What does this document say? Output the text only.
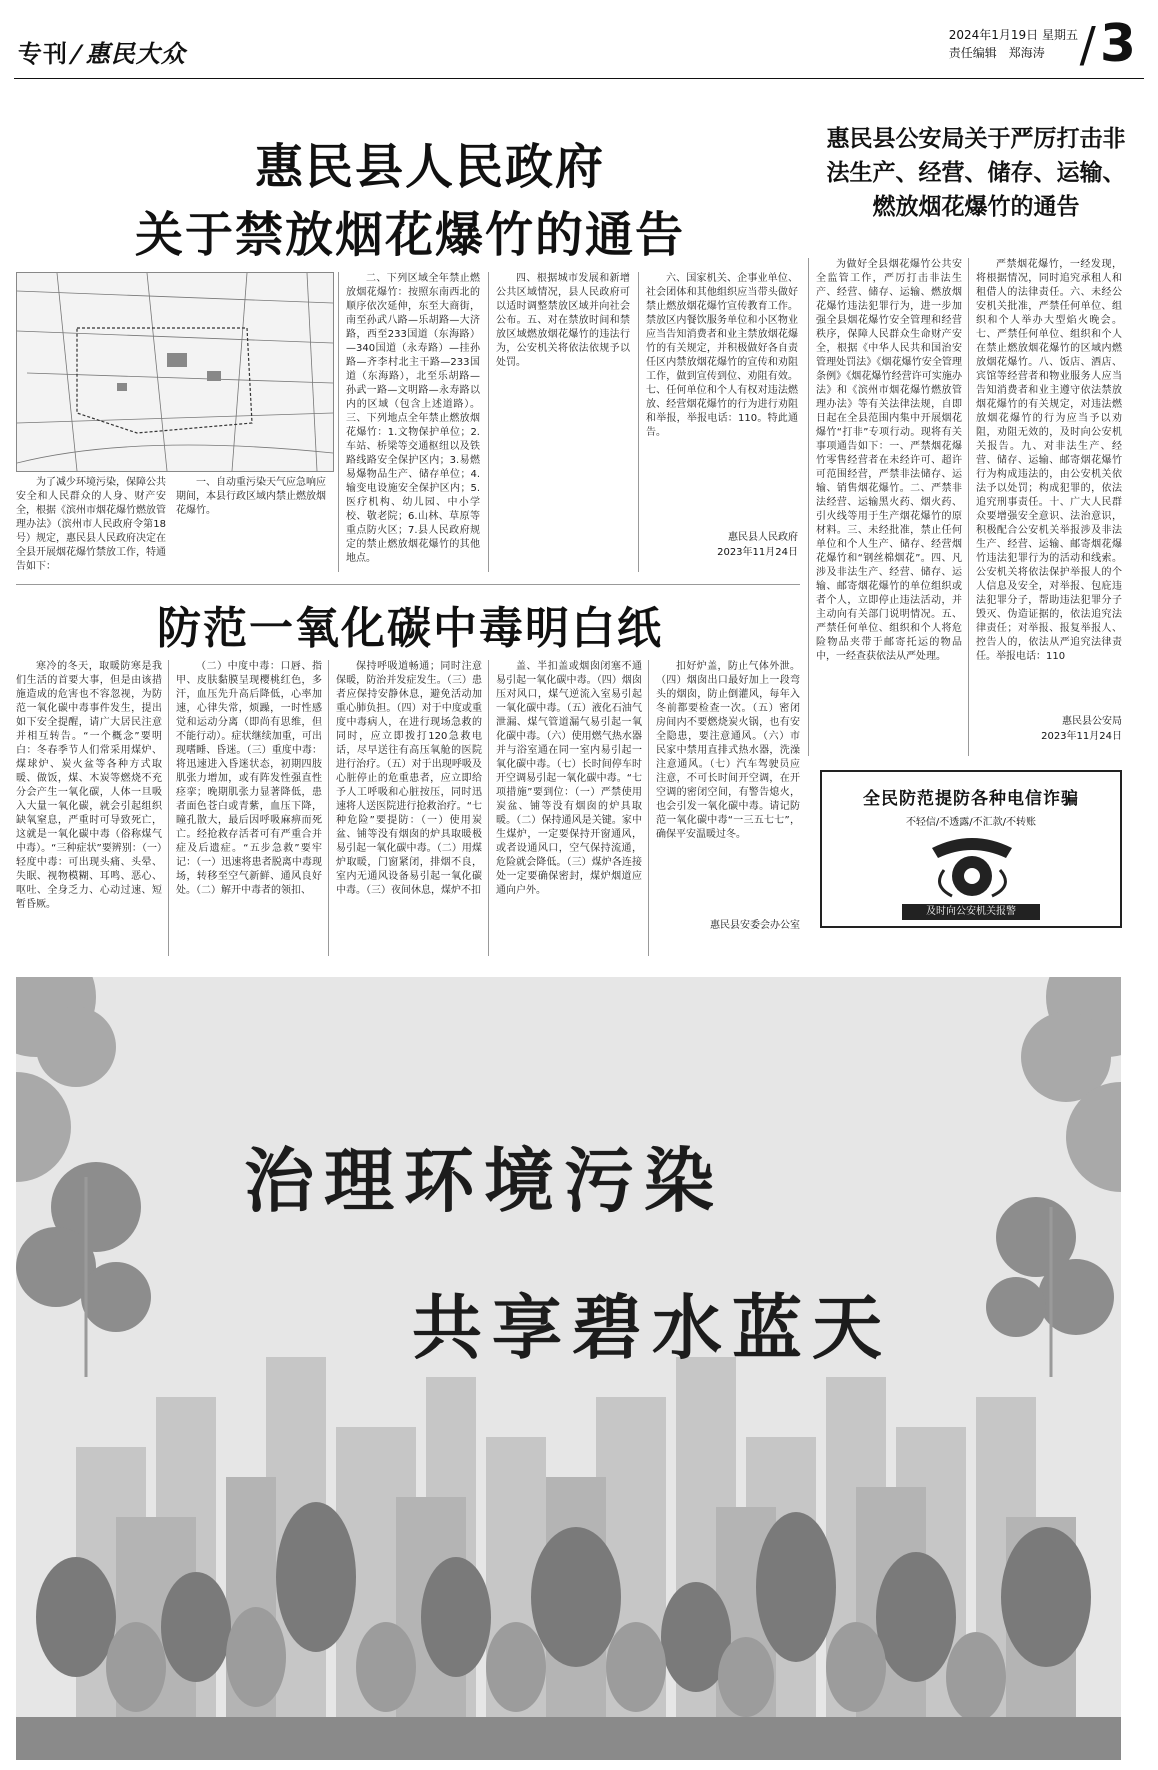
专刊/惠民大众
2024年1月19日 星期五
责任编辑　郑海涛 /3
惠民县人民政府
关于禁放烟花爆竹的通告
惠民县公安局关于严厉打击非法生产、经营、储存、运输、燃放烟花爆竹的通告

为了减少环境污染，保障公共安全和人民群众的人身、财产安全，根据《滨州市烟花爆竹燃放管理办法》（滨州市人民政府令第18号）规定，惠民县人民政府决定在全县开展烟花爆竹禁放工作，特通告如下：

一、自动重污染天气应急响应期间，本县行政区域内禁止燃放烟花爆竹。

二、下列区域全年禁止燃放烟花爆竹：按照东南西北的顺序依次延伸，东至大商街，南至孙武八路—乐胡路—大济路，西至233国道（东海路）—340国道（永寿路）—挂孙路—齐李村北主干路—233国道（东海路），北至乐胡路—孙武一路—文明路—永寿路以内的区域（包含上述道路）。三、下列地点全年禁止燃放烟花爆竹：1.文物保护单位；2.车站、桥梁等交通枢纽以及铁路线路安全保护区内；3.易燃易爆物品生产、储存单位；4.输变电设施安全保护区内；5.医疗机构、幼儿园、中小学校、敬老院；6.山林、草原等重点防火区；7.县人民政府规定的禁止燃放烟花爆竹的其他地点。

四、根据城市发展和新增公共区域情况，县人民政府可以适时调整禁放区域并向社会公布。五、对在禁放时间和禁放区域燃放烟花爆竹的违法行为，公安机关将依法依规予以处罚。

六、国家机关、企事业单位、社会团体和其他组织应当带头做好禁止燃放烟花爆竹宣传教育工作。禁放区内餐饮服务单位和小区物业应当告知消费者和业主禁放烟花爆竹的有关规定，并积极做好各自责任区内禁放烟花爆竹的宣传和劝阻工作，做到宣传到位、劝阻有效。七、任何单位和个人有权对违法燃放、经营烟花爆竹的行为进行劝阻和举报，举报电话：110。特此通告。

惠民县人民政府
2023年11月24日

为做好全县烟花爆竹公共安全监管工作，严厉打击非法生产、经营、储存、运输、燃放烟花爆竹违法犯罪行为，进一步加强全县烟花爆竹安全管理和经营秩序，保障人民群众生命财产安全，根据《中华人民共和国治安管理处罚法》《烟花爆竹安全管理条例》《烟花爆竹经营许可实施办法》和《滨州市烟花爆竹燃放管理办法》等有关法律法规，自即日起在全县范围内集中开展烟花爆竹“打非”专项行动。现将有关事项通告如下：一、严禁烟花爆竹零售经营者在未经许可、超许可范围经营，严禁非法储存、运输、销售烟花爆竹。二、严禁非法经营、运输黑火药、烟火药、引火线等用于生产烟花爆竹的原材料。三、未经批准，禁止任何单位和个人生产、储存、经营烟花爆竹和“钢丝棉烟花”。四、凡涉及非法生产、经营、储存、运输、邮寄烟花爆竹的单位组织或者个人，立即停止违法活动，并主动向有关部门说明情况。五、严禁任何单位、组织和个人将危险物品夹带于邮寄托运的物品中，一经查获依法从严处理。

严禁烟花爆竹，一经发现，将根据情况，同时追究承租人和租借人的法律责任。六、未经公安机关批准，严禁任何单位、组织和个人举办大型焰火晚会。七、严禁任何单位、组织和个人在禁止燃放烟花爆竹的区域内燃放烟花爆竹。八、饭店、酒店、宾馆等经营者和物业服务人应当告知消费者和业主遵守依法禁放烟花爆竹的有关规定，对违法燃放烟花爆竹的行为应当予以劝阻，劝阻无效的，及时向公安机关报告。九、对非法生产、经营、储存、运输、邮寄烟花爆竹行为构成违法的，由公安机关依法予以处罚；构成犯罪的，依法追究刑事责任。十、广大人民群众要增强安全意识、法治意识，积极配合公安机关举报涉及非法生产、经营、运输、邮寄烟花爆竹违法犯罪行为的活动和线索。公安机关将依法保护举报人的个人信息及安全，对举报、包庇违法犯罪分子，帮助违法犯罪分子毁灭、伪造证据的，依法追究法律责任；对举报、报复举报人、控告人的，依法从严追究法律责任。举报电话：110

惠民县公安局
2023年11月24日
防范一氧化碳中毒明白纸

寒冷的冬天，取暖防寒是我们生活的首要大事，但是由该措施造成的危害也不容忽视，为防范一氧化碳中毒事件发生，提出如下安全提醒，请广大居民注意并相互转告。“一个概念”要明白：冬春季节人们常采用煤炉、煤球炉、炭火盆等各种方式取暖、做饭，煤、木炭等燃烧不充分会产生一氧化碳，人体一旦吸入大量一氧化碳，就会引起组织缺氧窒息，严重时可导致死亡，这就是一氧化碳中毒（俗称煤气中毒）。“三种症状”要辨别：（一）轻度中毒：可出现头痛、头晕、失眠、视物模糊、耳鸣、恶心、呕吐、全身乏力、心动过速、短暂昏厥。

（二）中度中毒：口唇、指甲、皮肤黏膜呈现樱桃红色，多汗，血压先升高后降低，心率加速，心律失常，烦躁，一时性感觉和运动分离（即尚有思维，但不能行动）。症状继续加重，可出现嗜睡、昏迷。（三）重度中毒：将迅速进入昏迷状态，初期四肢肌张力增加，或有阵发性强直性痉挛；晚期肌张力显著降低，患者面色苍白或青紫，血压下降，瞳孔散大，最后因呼吸麻痹而死亡。经抢救存活者可有严重合并症及后遗症。“五步急救”要牢记：（一）迅速将患者脱离中毒现场，转移至空气新鲜、通风良好处。（二）解开中毒者的领扣、

保持呼吸道畅通；同时注意保暖，防治并发症发生。（三）患者应保持安静休息，避免活动加重心肺负担。（四）对于中度或重度中毒病人，在进行现场急救的同时，应立即拨打120急救电话，尽早送往有高压氧舱的医院进行治疗。（五）对于出现呼吸及心脏停止的危重患者，应立即给予人工呼吸和心脏按压，同时迅速将人送医院进行抢救治疗。“七种危险”要提防：（一）使用炭盆、铺等没有烟囱的炉具取暖极易引起一氧化碳中毒。（二）用煤炉取暖，门窗紧闭，排烟不良，室内无通风设备易引起一氧化碳中毒。（三）夜间休息，煤炉不扣

盖、半扣盖或烟囱闭塞不通易引起一氧化碳中毒。（四）烟囱压对风口，煤气逆流入室易引起一氧化碳中毒。（五）液化石油气泄漏、煤气管道漏气易引起一氧化碳中毒。（六）使用燃气热水器并与浴室通在同一室内易引起一氧化碳中毒。（七）长时间停车时开空调易引起一氧化碳中毒。“七项措施”要到位：（一）严禁使用炭盆、铺等没有烟囱的炉具取暖。（二）保持通风是关键。家中生煤炉，一定要保持开窗通风，或者设通风口，空气保持流通，危险就会降低。（三）煤炉各连接处一定要确保密封，煤炉烟道应通向户外。

扣好炉盖，防止气体外泄。（四）烟囱出口最好加上一段弯头的烟囱，防止倒灌风，每年入冬前都要检查一次。（五）密闭房间内不要燃烧炭火锅，也有安全隐患，要注意通风。（六）市民家中禁用直排式热水器，洗澡注意通风。（七）汽车驾驶员应注意，不可长时间开空调，在开空调的密闭空间，有警告熄火，也会引发一氧化碳中毒。请记防范一氧化碳中毒“一三五七七”，确保平安温暖过冬。

惠民县安委会办公室
全民防范提防各种电信诈骗
不轻信/不透露/不汇款/不转账
及时向公安机关报警
治理环境污染
共享碧水蓝天
